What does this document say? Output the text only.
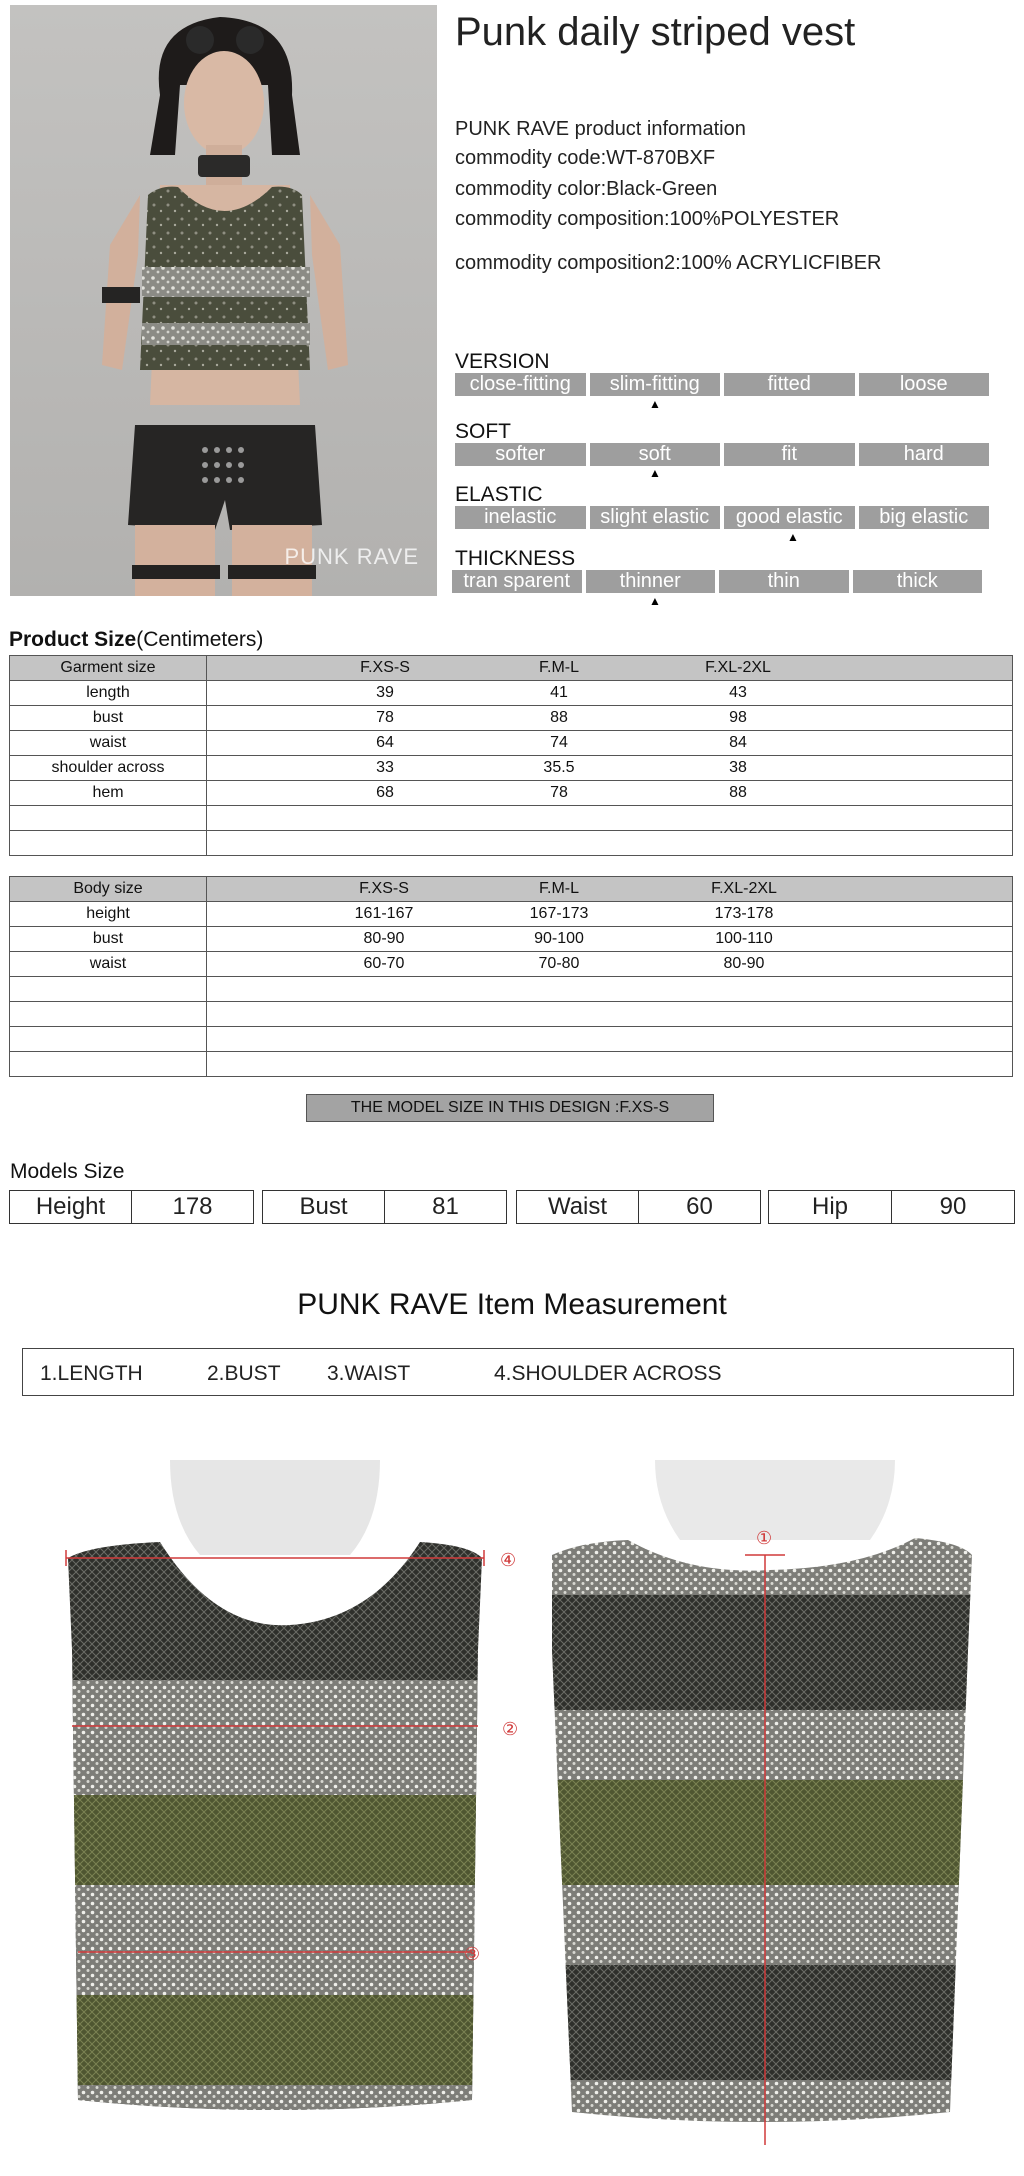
PUNK RAVE
Punk daily striped vest
PUNK RAVE product information
commodity code:WT-870BXF
commodity color:Black-Green
commodity composition:100%POLYESTER
commodity composition2:100% ACRYLICFIBER
VERSION
close-fitting	slim-fitting	fitted	loose
▲
SOFT
softer	soft	fit	hard
▲
ELASTIC
inelastic	slight elastic	good elastic	big elastic
▲
THICKNESS
tran sparent	thinner	thin	thick
▲
Product Size(Centimeters)
Garment size	F.XS-S F.M-L F.XL-2XL

length	39 41 43

bust	78 88 98

waist	64 74 84

shoulder across	33 35.5 38

hem	68 78 88

Body size	F.XS-S F.M-L F.XL-2XL

height	161-167 167-173 173-178

bust	80-90 90-100 100-110

waist	60-70 70-80 80-90

THE MODEL SIZE IN THIS DESIGN :F.XS-S
Models Size
Height	178	Bust	81	Waist	60	Hip	90
PUNK RAVE Item Measurement
1.LENGTH	2.BUST 3.WAIST	4.SHOULDER ACROSS
④
②
③
①
